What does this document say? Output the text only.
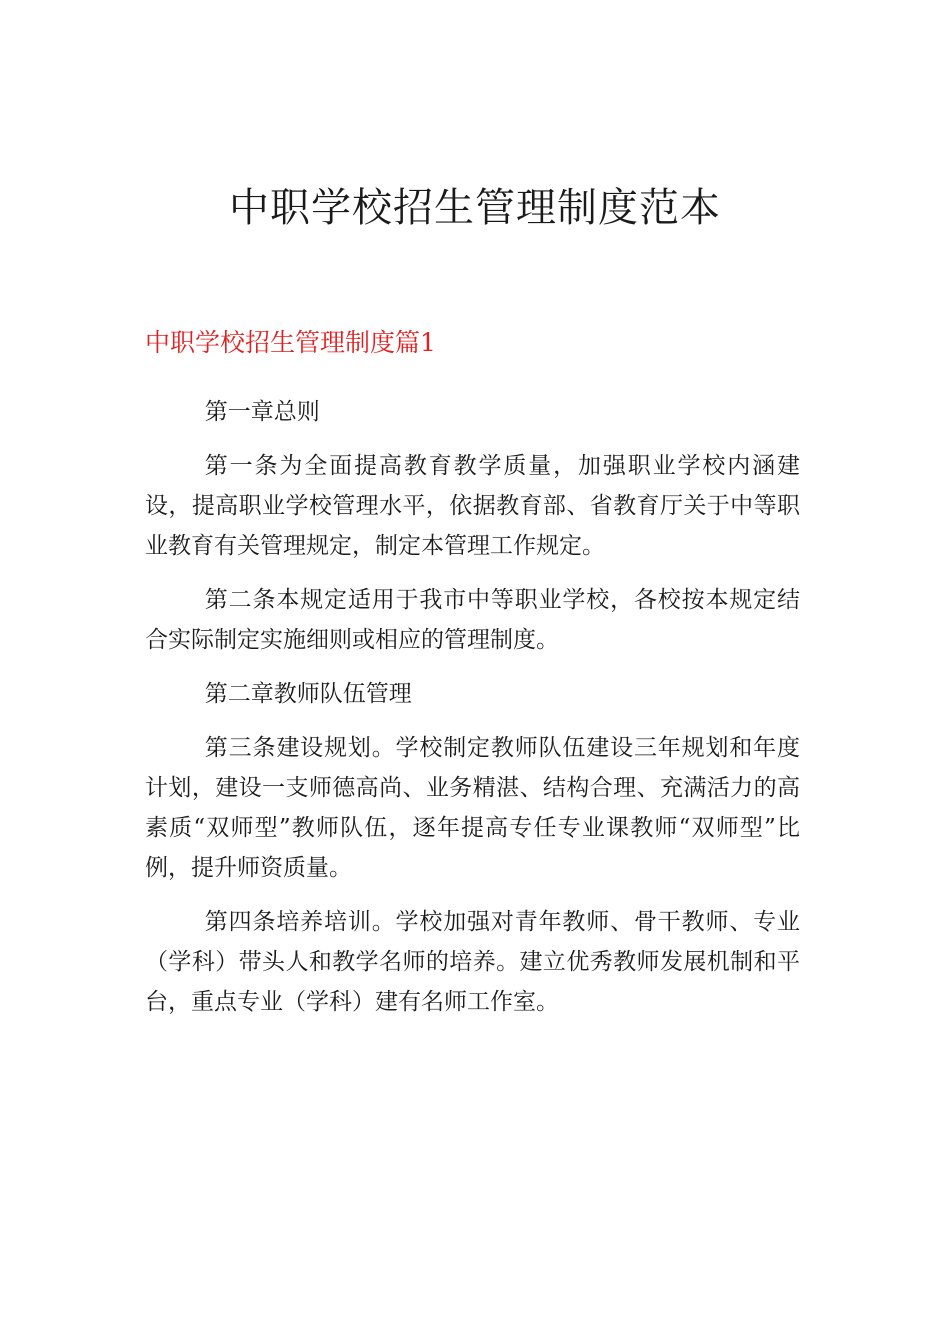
中职学校招生管理制度范本
中职学校招生管理制度篇1

第一章总则

第一条为全面提高教育教学质量，加强职业学校内涵建设，提高职业学校管理水平，依据教育部、省教育厅关于中等职业教育有关管理规定，制定本管理工作规定。

第二条本规定适用于我市中等职业学校，各校按本规定结合实际制定实施细则或相应的管理制度。

第二章教师队伍管理

第三条建设规划。学校制定教师队伍建设三年规划和年度计划，建设一支师德高尚、业务精湛、结构合理、充满活力的高素质“双师型”教师队伍，逐年提高专任专业课教师“双师型”比例，提升师资质量。

第四条培养培训。学校加强对青年教师、骨干教师、专业（学科）带头人和教学名师的培养。建立优秀教师发展机制和平台，重点专业（学科）建有名师工作室。
